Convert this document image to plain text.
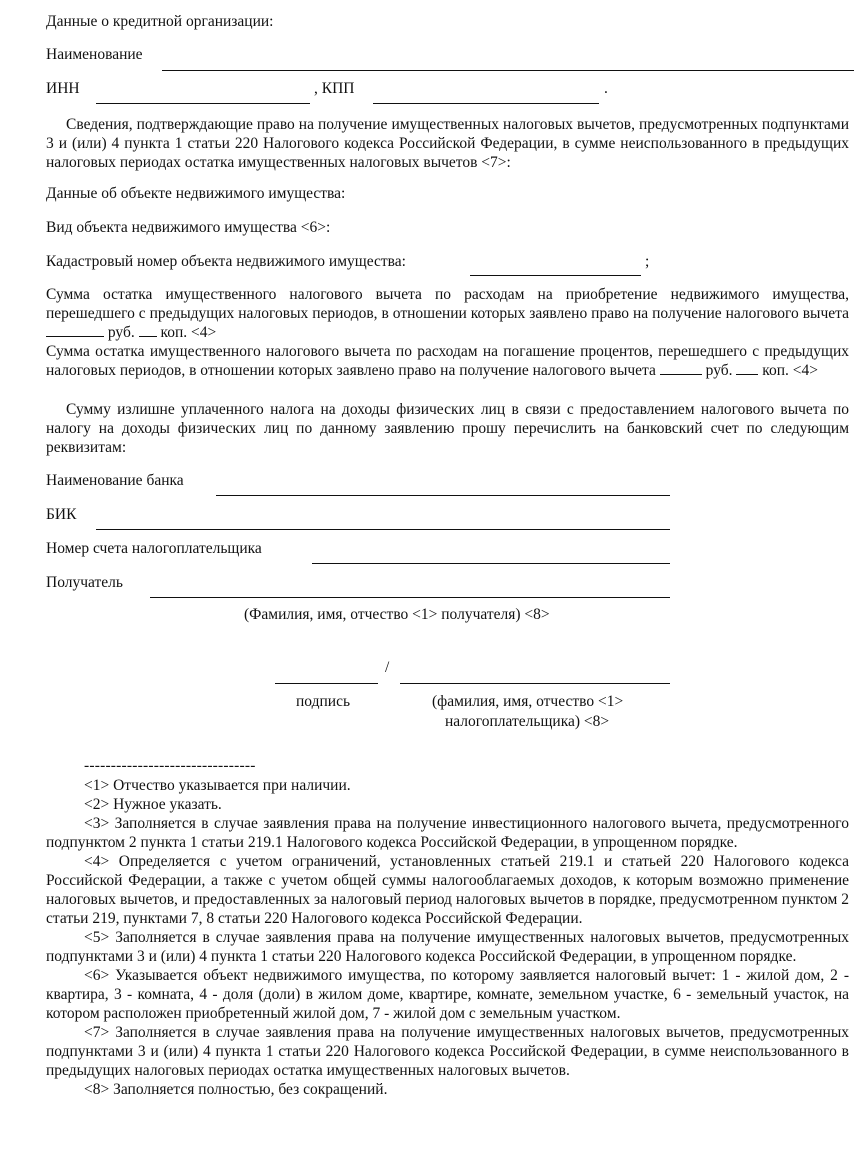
Данные о кредитной организации:
Наименование
ИНН	, КПП	.
Сведения, подтверждающие право на получение имущественных налоговых вычетов, предусмотренных подпунктами 3 и (или) 4 пункта 1 статьи 220 Налогового кодекса Российской Федерации, в сумме неиспользованного в предыдущих налоговых периодах остатка имущественных налоговых вычетов <7>:
Данные об объекте недвижимого имущества:
Вид объекта недвижимого имущества <6>:
Кадастровый номер объекта недвижимого имущества:	;
Сумма остатка имущественного налогового вычета по расходам на приобретение недвижимого имущества, перешедшего с предыдущих налоговых периодов, в отношении которых заявлено право на получение налогового вычета  руб. коп. <4>
Сумма остатка имущественного налогового вычета по расходам на погашение процентов, перешедшего с предыдущих налоговых периодов, в отношении которых заявлено право на получение налогового вычета	руб. коп. <4>
Сумму излишне уплаченного налога на доходы физических лиц в связи с предоставлением налогового вычета по налогу на доходы физических лиц по данному заявлению прошу перечислить на банковский счет по следующим реквизитам:
Наименование банка
БИК
Номер счета налогоплательщика
Получатель
(Фамилия, имя, отчество <1> получателя) <8>
/
подпись	(фамилия, имя, отчество <1>
налогоплательщика) <8>
--------------------------------
<1> Отчество указывается при наличии.
<2> Нужное указать.
<3> Заполняется в случае заявления права на получение инвестиционного налогового вычета, предусмотренного подпунктом 2 пункта 1 статьи 219.1 Налогового кодекса Российской Федерации, в упрощенном порядке.
<4> Определяется с учетом ограничений, установленных статьей 219.1 и статьей 220 Налогового кодекса Российской Федерации, а также с учетом общей суммы налогооблагаемых доходов, к которым возможно применение налоговых вычетов, и предоставленных за налоговый период налоговых вычетов в порядке, предусмотренном пунктом 2 статьи 219, пунктами 7, 8 статьи 220 Налогового кодекса Российской Федерации.
<5> Заполняется в случае заявления права на получение имущественных налоговых вычетов, предусмотренных подпунктами 3 и (или) 4 пункта 1 статьи 220 Налогового кодекса Российской Федерации, в упрощенном порядке.
<6> Указывается объект недвижимого имущества, по которому заявляется налоговый вычет: 1 - жилой дом, 2 - квартира, 3 - комната, 4 - доля (доли) в жилом доме, квартире, комнате, земельном участке, 6 - земельный участок, на котором расположен приобретенный жилой дом, 7 - жилой дом с земельным участком.
<7> Заполняется в случае заявления права на получение имущественных налоговых вычетов, предусмотренных подпунктами 3 и (или) 4 пункта 1 статьи 220 Налогового кодекса Российской Федерации, в сумме неиспользованного в предыдущих налоговых периодах остатка имущественных налоговых вычетов.
<8> Заполняется полностью, без сокращений.
